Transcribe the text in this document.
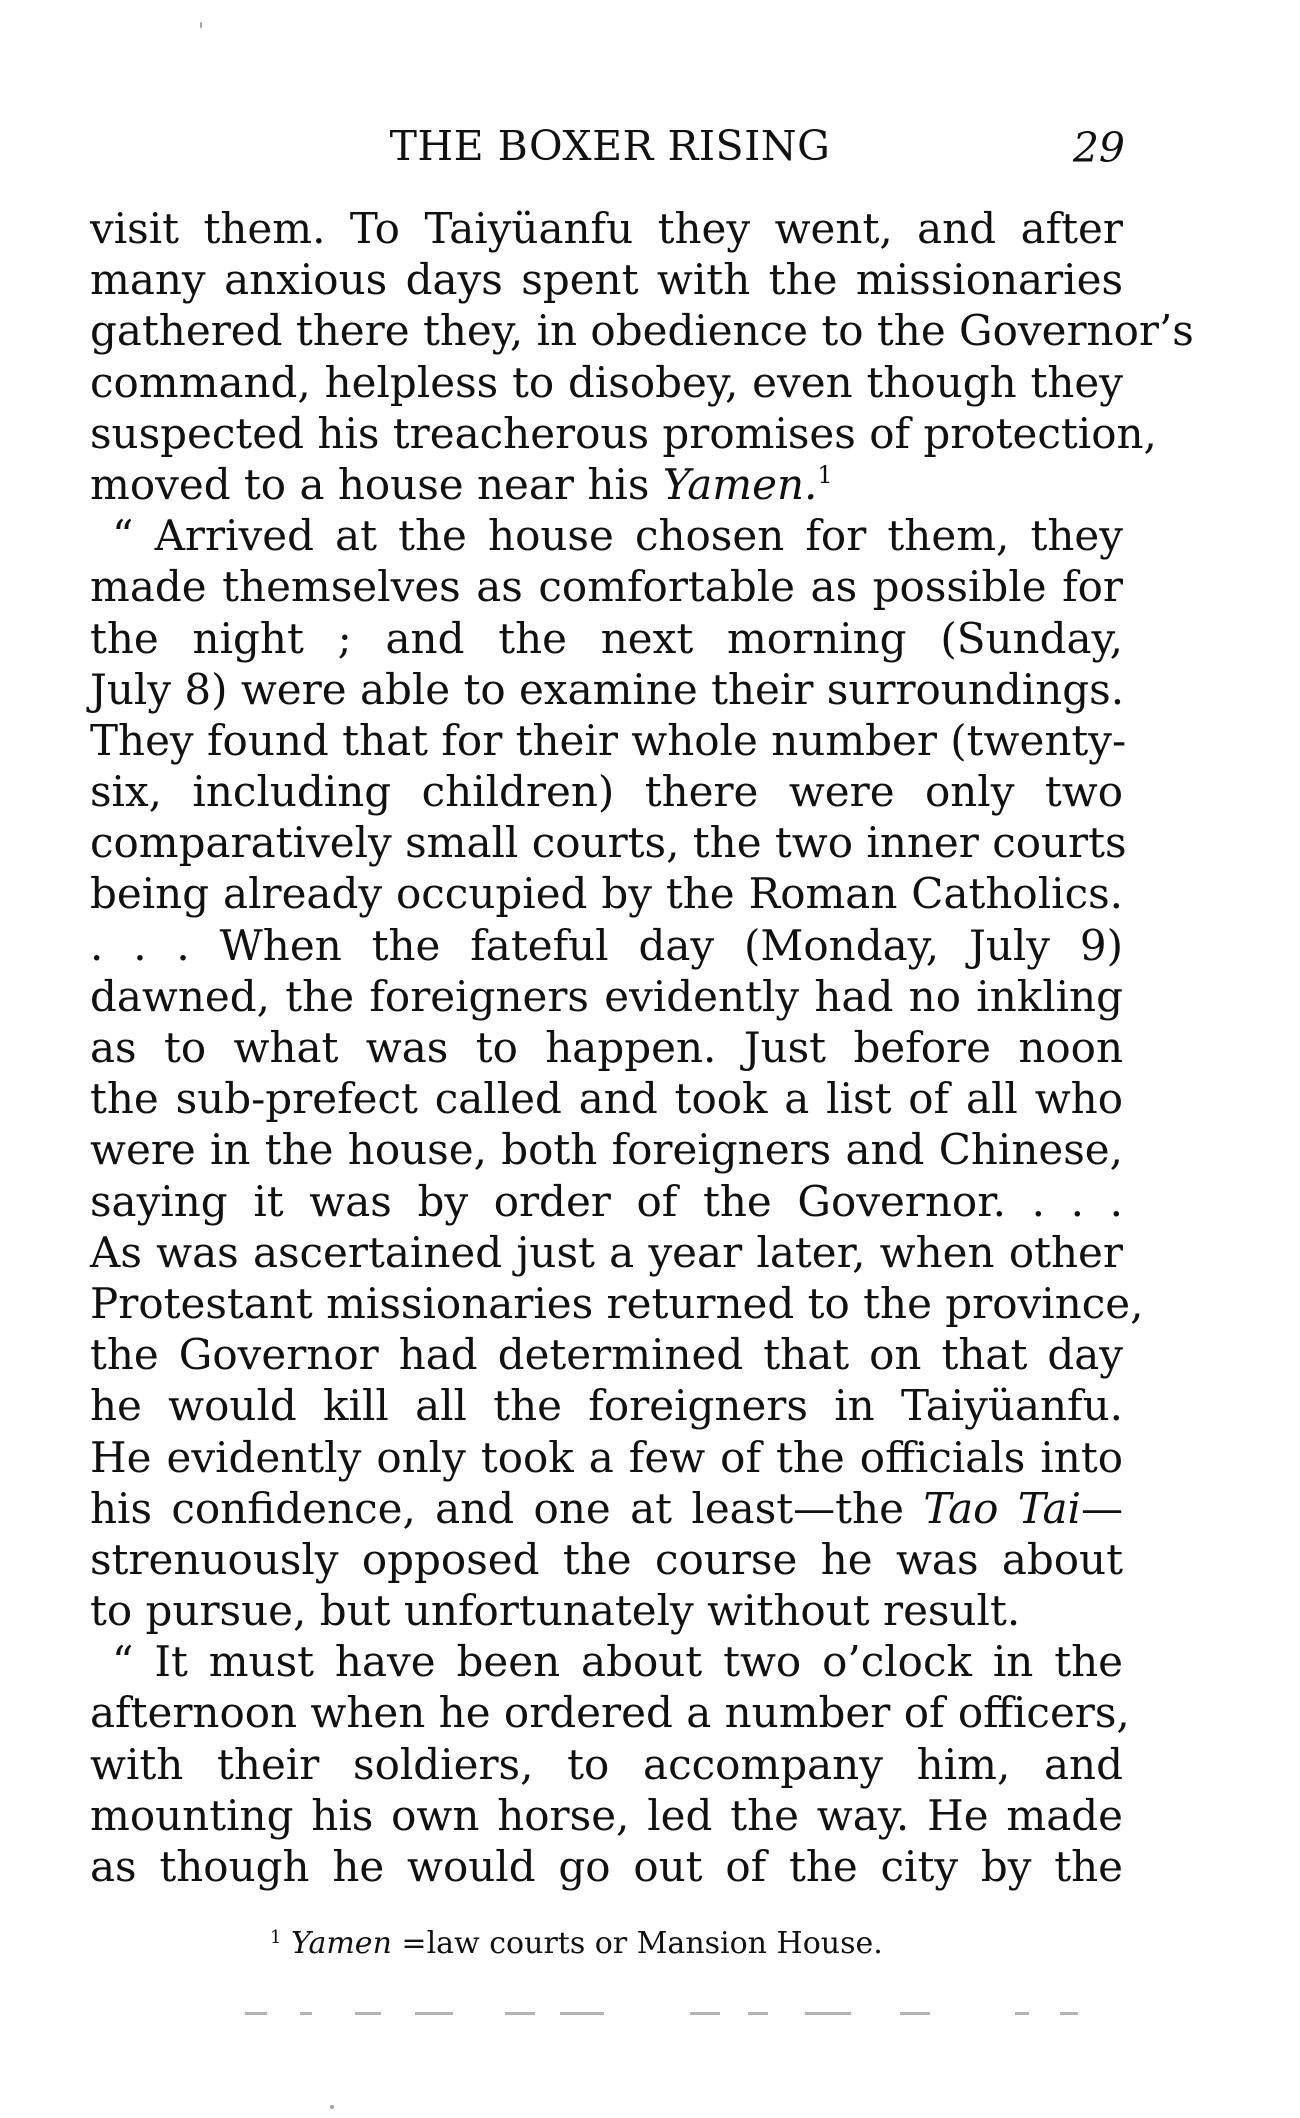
THE BOXER RISING	29
visit them. To Taiyüanfu they went, and after
many anxious days spent with the missionaries
gathered there they, in obedience to the Governor’s
command, helpless to disobey, even though they
suspected his treacherous promises of protection,
moved to a house near his Yamen.$^1$
“ Arrived at the house chosen for them, they
made themselves as comfortable as possible for
the night ; and the next morning (Sunday,
July 8) were able to examine their surroundings.
They found that for their whole number (twenty-
six, including children) there were only two
comparatively small courts, the two inner courts
being already occupied by the Roman Catholics.
. . . When the fateful day (Monday, July 9)
dawned, the foreigners evidently had no inkling
as to what was to happen. Just before noon
the sub-prefect called and took a list of all who
were in the house, both foreigners and Chinese,
saying it was by order of the Governor. . . .
As was ascertained just a year later, when other
Protestant missionaries returned to the province,
the Governor had determined that on that day
he would kill all the foreigners in Taiyüanfu.
He evidently only took a few of the officials into
his confidence, and one at least—the Tao Tai—
strenuously opposed the course he was about
to pursue, but unfortunately without result.
“ It must have been about two o’clock in the
afternoon when he ordered a number of officers,
with their soldiers, to accompany him, and
mounting his own horse, led the way. He made
as though he would go out of the city by the
$^1$ Yamen =law courts or Mansion House.
